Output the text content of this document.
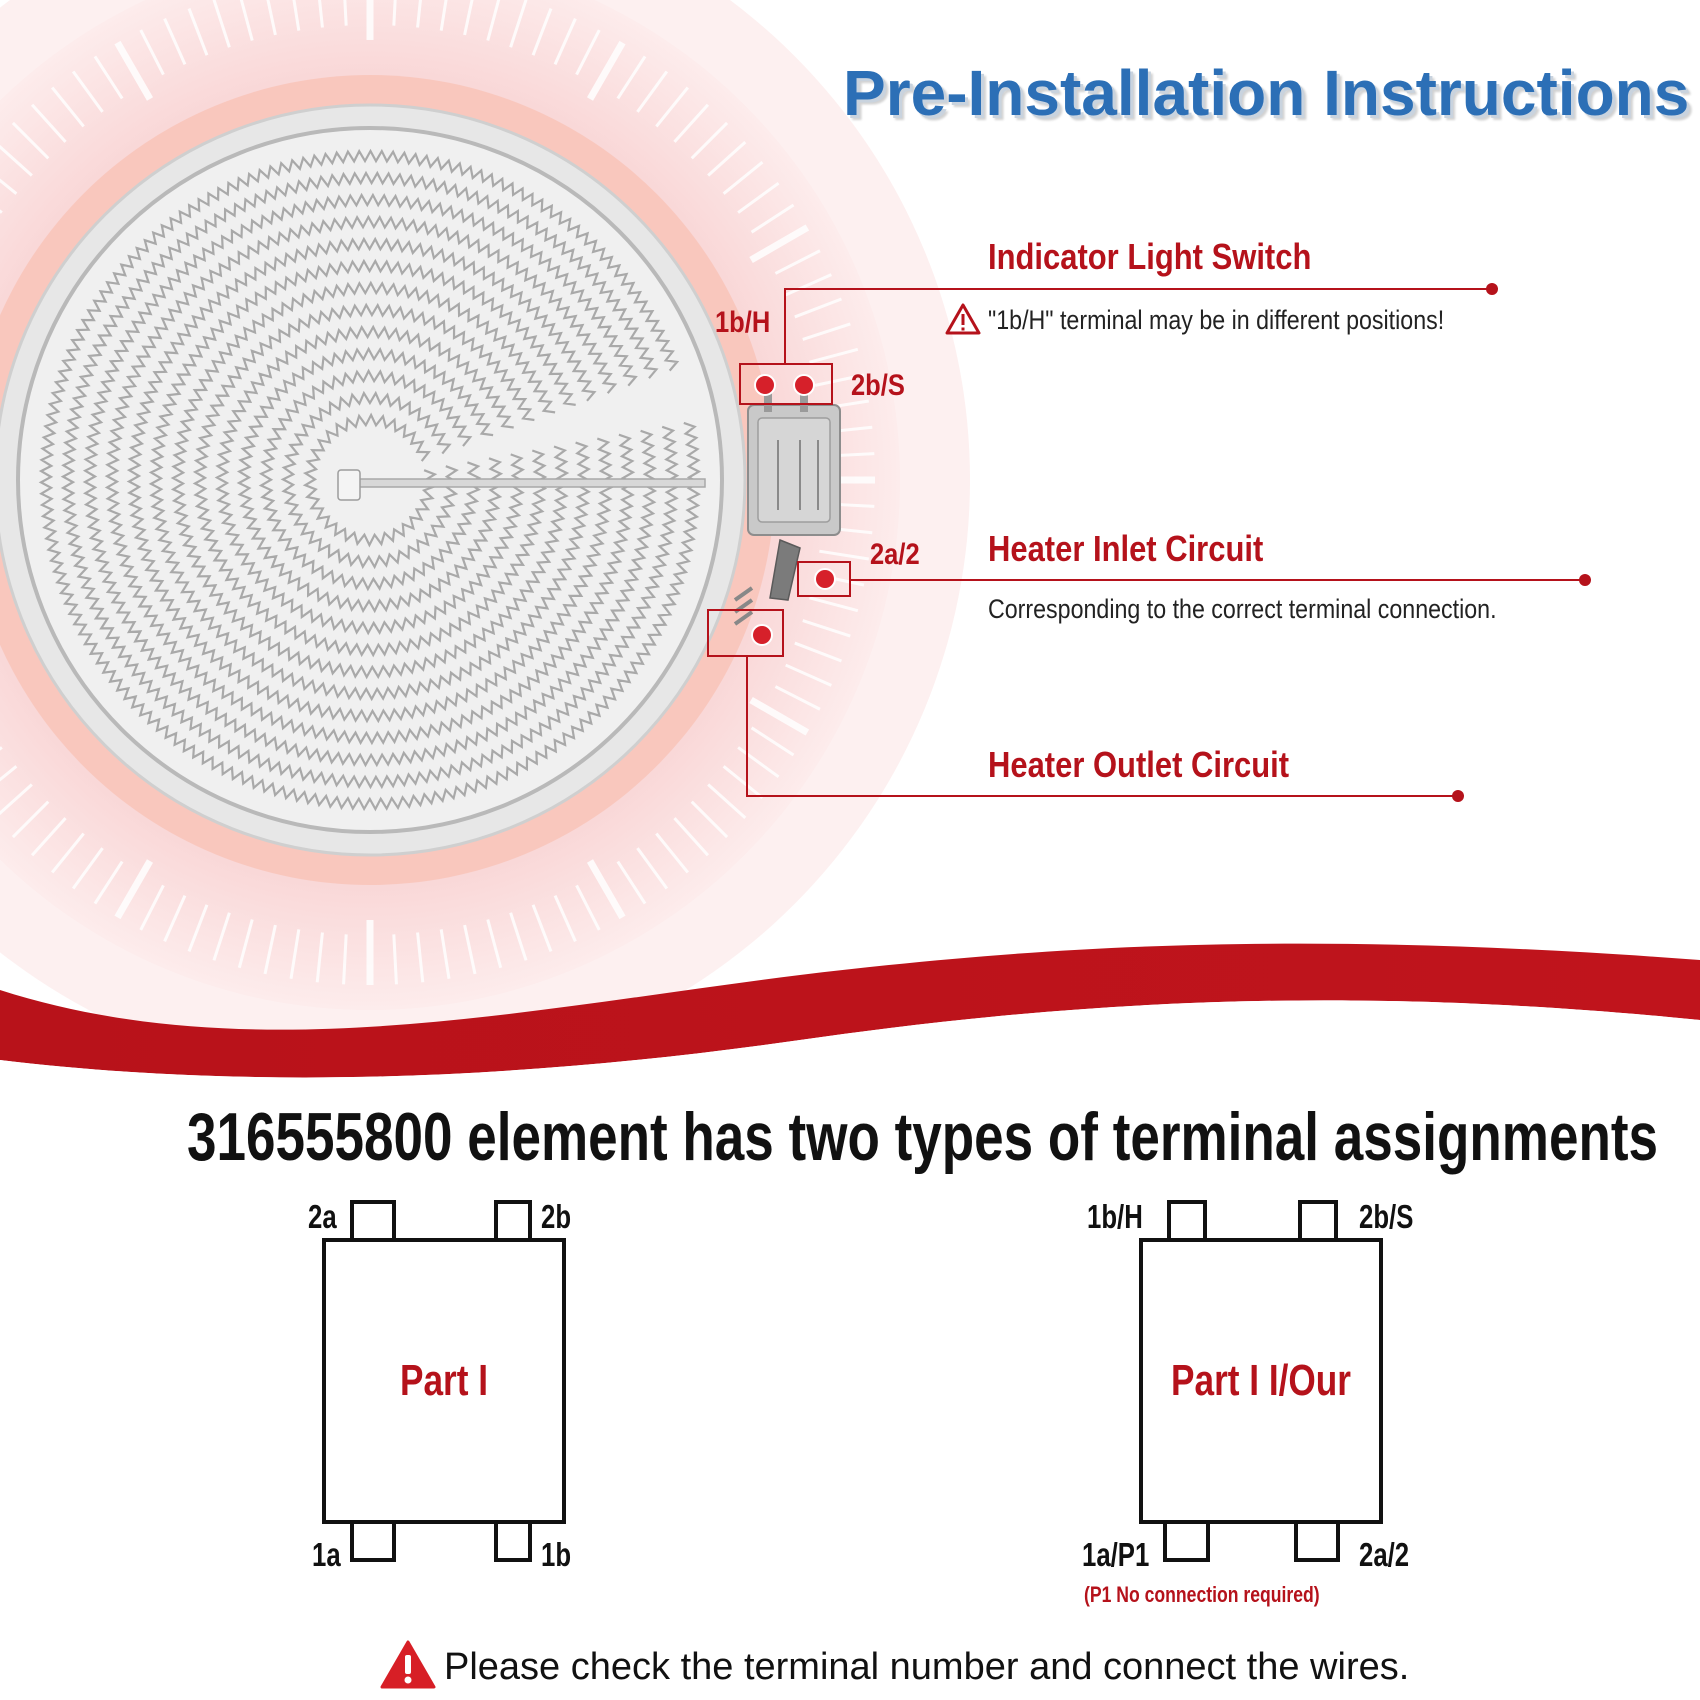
Pre-Installation Instructions
Indicator Light Switch
"1b/H" terminal may be in different positions!
Heater Inlet Circuit
Corresponding to the correct terminal connection.
Heater Outlet Circuit
1b/H
2b/S
2a/2
316555800 element has two types of terminal assignments
2a	2b
1a	1b
Part I
1b/H	2b/S
1a/P1	2a/2
Part I I/Our
(P1 No connection required)
Please check the terminal number and connect the wires.
